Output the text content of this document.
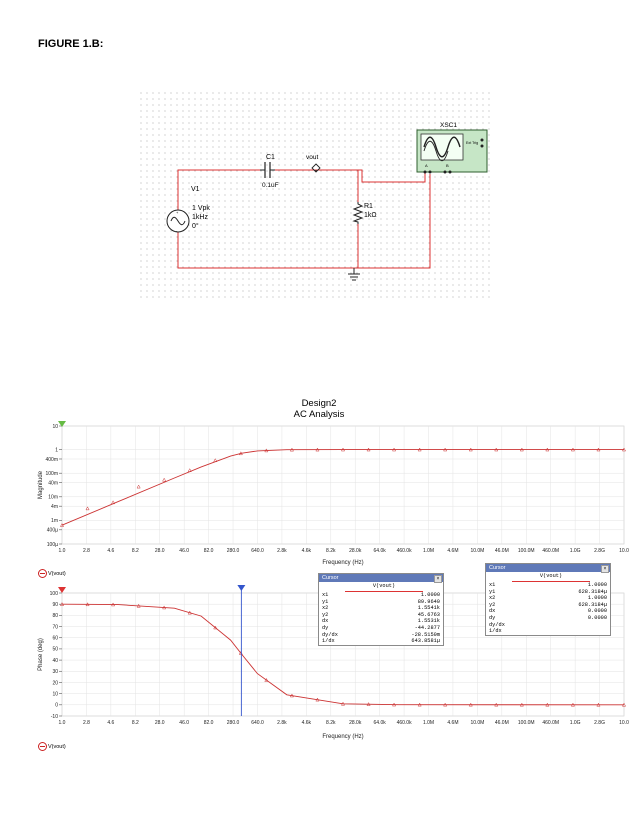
FIGURE 1.B:
XSC1
Ext Trig
A	B
C1
0.1uF
vout
+
-
V1
1 Vpk
1kHz
0°
R1
1kΩ
Design2
AC Analysis
1.0	2.8	4.6	8.2	28.0	46.0	82.0	280.0 640.0	2.8k	4.6k	8.2k	28.0k 64.0k 460.0k 1.0M	4.6M 10.0M 46.0M 100.0M 460.0M 1.0G	2.8G	10.0
10
1
400m
100m
40m
10m
4m
1m
400µ
100µ
Frequency (Hz)
Magnitude
1.0	2.8	4.6	8.2	28.0	46.0	82.0	280.0 640.0	2.8k	4.6k	8.2k	28.0k 64.0k 460.0k 1.0M	4.6M 10.0M 46.0M 100.0M 460.0M 1.0G	2.8G	10.0
100
90
80
70
60
50
40
30
20
10
0
-10
Frequency (Hz)
Phase (deg)
V(vout)
V(vout)
Cursor	×
V(vout)
x1	1.0000
y1	89.9640
x2	1.5541k
y2	45.6763
dx	1.5531k
dy	-44.2877
dy/dx	-28.5150m
1/dx	643.8581µ
Cursor	×
V(vout)
x1	1.0000
y1	628.3184µ
x2	1.0000
y2	628.3184µ
dx	0.0000
dy	0.0000
dy/dx
1/dx
